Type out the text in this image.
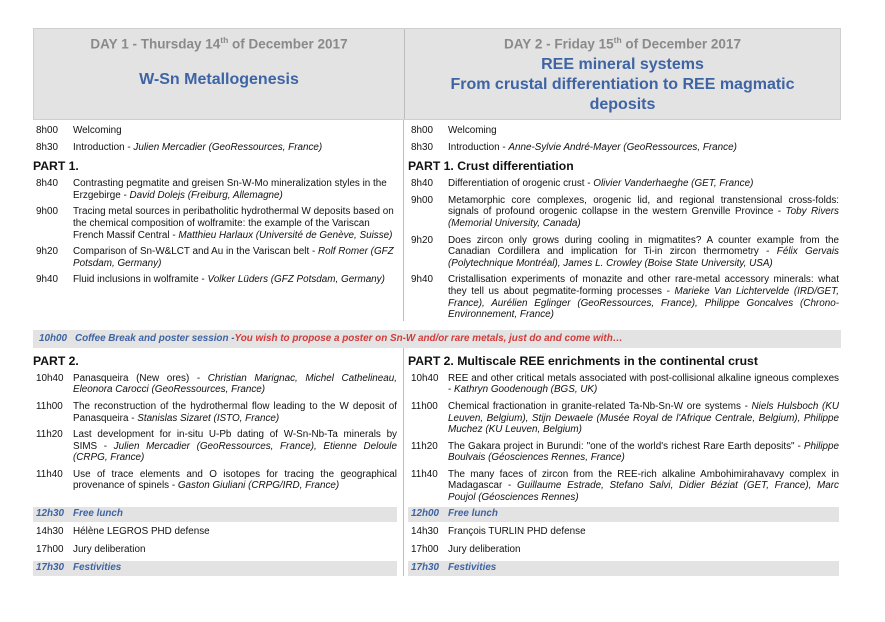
DAY 1 - Thursday 14th of December 2017
W-Sn Metallogenesis
DAY 2 - Friday 15th of December 2017
REE mineral systems
From crustal differentiation to REE magmatic
deposits
8h00	Welcoming
8h30	Introduction - Julien Mercadier (GeoRessources, France)
PART 1.
8h40	Contrasting pegmatite and greisen Sn-W-Mo mineralization styles in the Erzgebirge - David Dolejs (Freiburg, Allemagne)
9h00	Tracing metal sources in peribatholitic hydrothermal W deposits based on the chemical composition of wolframite: the example of the Variscan French Massif Central - Matthieu Harlaux (Université de Genève, Suisse)
9h20	Comparison of Sn-W&LCT and Au in the Variscan belt - Rolf Romer (GFZ Potsdam, Germany)
9h40	Fluid inclusions in wolframite - Volker Lüders (GFZ Potsdam, Germany)
8h00	Welcoming
8h30	Introduction - Anne-Sylvie André-Mayer (GeoRessources, France)
PART 1. Crust differentiation
8h40	Differentiation of orogenic crust - Olivier Vanderhaeghe (GET, France)
9h00	Metamorphic core complexes, orogenic lid, and regional transtensional cross-folds: signals of profound orogenic collapse in the western Grenville Province - Toby Rivers (Memorial University, Canada)
9h20	Does zircon only grows during cooling in migmatites? A counter example from the Canadian Cordillera and implication for Ti-in zircon thermometry - Félix Gervais (Polytechnique Montréal), James L. Crowley (Boise State University, USA)
9h40	Cristallisation experiments of monazite and other rare-metal accessory minerals: what they tell us about pegmatite-forming processes - Marieke Van Lichtervelde (IRD/GET, France), Aurélien Eglinger (GeoRessources, France), Philippe Goncalves (Chrono-Environnement, France)
10h00 Coffee Break and poster session - You wish to propose a poster on Sn-W and/or rare metals, just do and come with…
PART 2.
10h40 Panasqueira (New ores) - Christian Marignac, Michel Cathelineau, Eleonora Carocci (GeoRessources, France)
11h00	The reconstruction of the hydrothermal flow leading to the W deposit of Panasqueira - Stanislas Sizaret (ISTO, France)
11h20	Last development for in-situ U-Pb dating of W-Sn-Nb-Ta minerals by SIMS - Julien Mercadier (GeoRessources, France), Etienne Deloule (CRPG, France)
11h40	Use of trace elements and O isotopes for tracing the geographical provenance of spinels - Gaston Giuliani (CRPG/IRD, France)
PART 2. Multiscale REE enrichments in the continental crust
10h40 REE and other critical metals associated with post-collisional alkaline igneous complexes - Kathryn Goodenough (BGS, UK)
11h00	Chemical fractionation in granite-related Ta-Nb-Sn-W ore systems - Niels Hulsboch (KU Leuven, Belgium), Stijn Dewaele (Musée Royal de l'Afrique Centrale, Belgium), Philippe Muchez (KU Leuven, Belgium)
11h20	The Gakara project in Burundi: "one of the world's richest Rare Earth deposits" - Philippe Boulvais (Géosciences Rennes, France)
11h40	The many faces of zircon from the REE-rich alkaline Ambohimirahavavy complex in Madagascar - Guillaume Estrade, Stefano Salvi, Didier Béziat (GET, France), Marc Poujol (Géosciences Rennes)
12h30 Free lunch
14h30 Hélène LEGROS PHD defense
17h00 Jury deliberation
17h30 Festivities
12h00 Free lunch
14h30 François TURLIN PHD defense
17h00 Jury deliberation
17h30 Festivities
